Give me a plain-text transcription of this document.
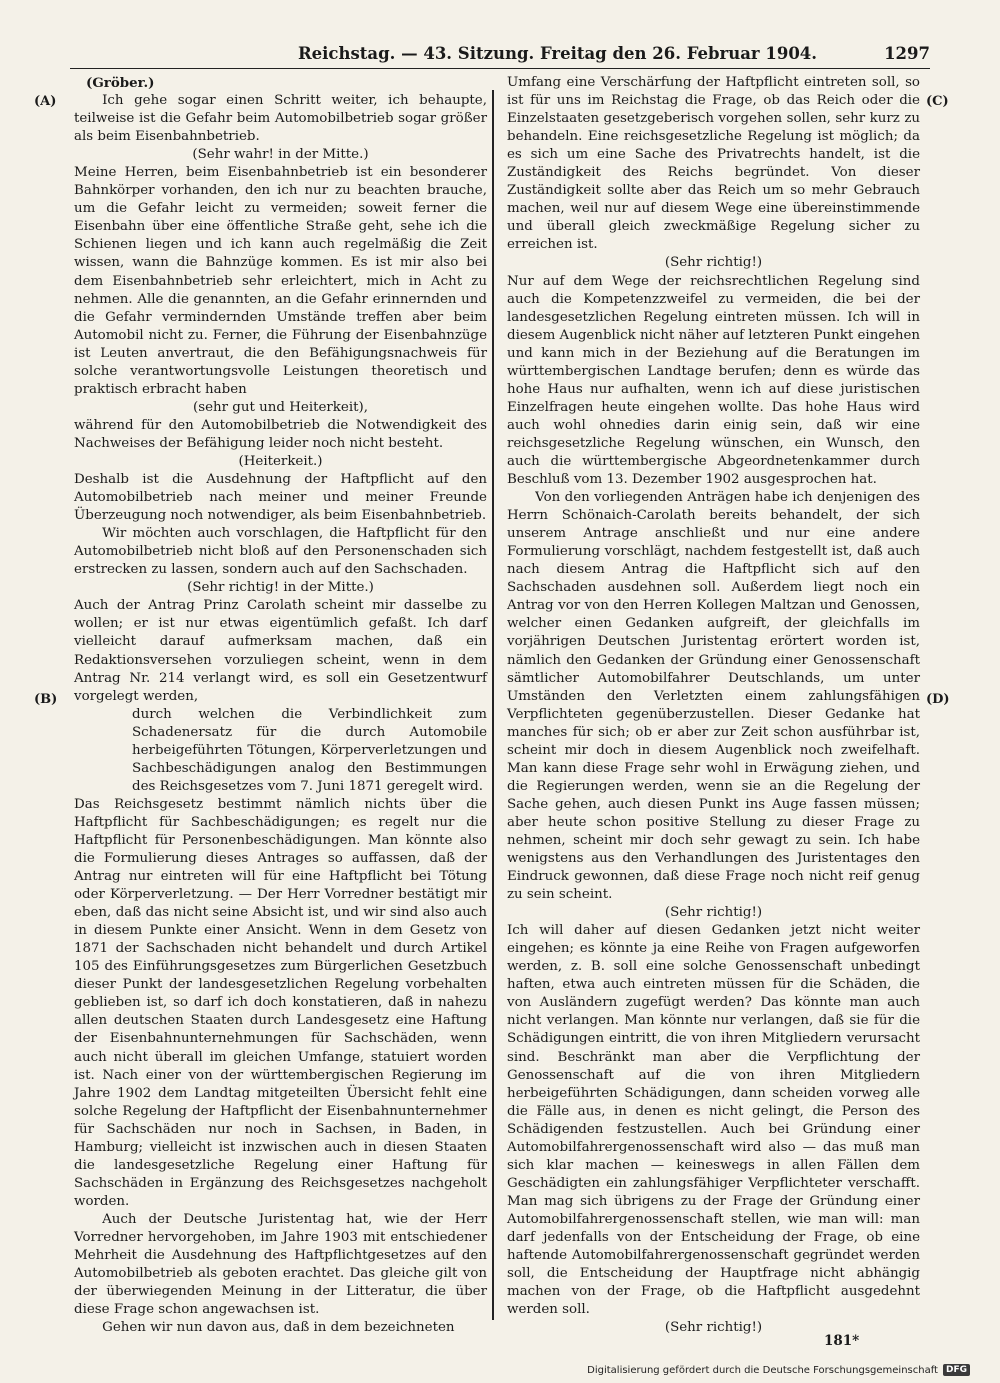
Reichstag. — 43. Sitzung. Freitag den 26. Februar 1904.	1297
(A)
(B)
(C)
(D)

(Gröber.)

Ich gehe sogar einen Schritt weiter, ich behaupte, teilweise ist die Gefahr beim Automobilbetrieb sogar größer als beim Eisenbahnbetrieb.

(Sehr wahr! in der Mitte.)

Meine Herren, beim Eisenbahnbetrieb ist ein besonderer Bahnkörper vorhanden, den ich nur zu beachten brauche, um die Gefahr leicht zu vermeiden; soweit ferner die Eisenbahn über eine öffentliche Straße geht, sehe ich die Schienen liegen und ich kann auch regelmäßig die Zeit wissen, wann die Bahnzüge kommen. Es ist mir also bei dem Eisenbahnbetrieb sehr erleichtert, mich in Acht zu nehmen. Alle die genannten, an die Gefahr erinnernden und die Gefahr vermindernden Umstände treffen aber beim Automobil nicht zu. Ferner, die Führung der Eisenbahnzüge ist Leuten anvertraut, die den Befähigungsnachweis für solche verantwortungsvolle Leistungen theoretisch und praktisch erbracht haben

(sehr gut und Heiterkeit),

während für den Automobilbetrieb die Notwendigkeit des Nachweises der Befähigung leider noch nicht besteht.

(Heiterkeit.)

Deshalb ist die Ausdehnung der Haftpflicht auf den Automobilbetrieb nach meiner und meiner Freunde Überzeugung noch notwendiger, als beim Eisenbahnbetrieb.

Wir möchten auch vorschlagen, die Haftpflicht für den Automobilbetrieb nicht bloß auf den Personenschaden sich erstrecken zu lassen, sondern auch auf den Sachschaden.

(Sehr richtig! in der Mitte.)

Auch der Antrag Prinz Carolath scheint mir dasselbe zu wollen; er ist nur etwas eigentümlich gefaßt. Ich darf vielleicht darauf aufmerksam machen, daß ein Redaktionsversehen vorzuliegen scheint, wenn in dem Antrag Nr. 214 verlangt wird, es soll ein Gesetzentwurf vorgelegt werden,

durch welchen die Verbindlichkeit zum Schadenersatz für die durch Automobile herbeigeführten Tötungen, Körperverletzungen und Sachbeschädigungen analog den Bestimmungen des Reichsgesetzes vom 7. Juni 1871 geregelt wird.

Das Reichsgesetz bestimmt nämlich nichts über die Haftpflicht für Sachbeschädigungen; es regelt nur die Haftpflicht für Personenbeschädigungen. Man könnte also die Formulierung dieses Antrages so auffassen, daß der Antrag nur eintreten will für eine Haftpflicht bei Tötung oder Körperverletzung. — Der Herr Vorredner bestätigt mir eben, daß das nicht seine Absicht ist, und wir sind also auch in diesem Punkte einer Ansicht. Wenn in dem Gesetz von 1871 der Sachschaden nicht behandelt und durch Artikel 105 des Einführungsgesetzes zum Bürgerlichen Gesetzbuch dieser Punkt der landesgesetzlichen Regelung vorbehalten geblieben ist, so darf ich doch konstatieren, daß in nahezu allen deutschen Staaten durch Landesgesetz eine Haftung der Eisenbahnunternehmungen für Sachschäden, wenn auch nicht überall im gleichen Umfange, statuiert worden ist. Nach einer von der württembergischen Regierung im Jahre 1902 dem Landtag mitgeteilten Übersicht fehlt eine solche Regelung der Haftpflicht der Eisenbahnunternehmer für Sachschäden nur noch in Sachsen, in Baden, in Hamburg; vielleicht ist inzwischen auch in diesen Staaten die landesgesetzliche Regelung einer Haftung für Sachschäden in Ergänzung des Reichsgesetzes nachgeholt worden.

Auch der Deutsche Juristentag hat, wie der Herr Vorredner hervorgehoben, im Jahre 1903 mit entschiedener Mehrheit die Ausdehnung des Haftpflichtgesetzes auf den Automobilbetrieb als geboten erachtet. Das gleiche gilt von der überwiegenden Meinung in der Litteratur, die über diese Frage schon angewachsen ist.

Gehen wir nun davon aus, daß in dem bezeichneten

Umfang eine Verschärfung der Haftpflicht eintreten soll, so ist für uns im Reichstag die Frage, ob das Reich oder die Einzelstaaten gesetzgeberisch vorgehen sollen, sehr kurz zu behandeln. Eine reichsgesetzliche Regelung ist möglich; da es sich um eine Sache des Privatrechts handelt, ist die Zuständigkeit des Reichs begründet. Von dieser Zuständigkeit sollte aber das Reich um so mehr Gebrauch machen, weil nur auf diesem Wege eine übereinstimmende und überall gleich zweckmäßige Regelung sicher zu erreichen ist.

(Sehr richtig!)

Nur auf dem Wege der reichsrechtlichen Regelung sind auch die Kompetenzzweifel zu vermeiden, die bei der landesgesetzlichen Regelung eintreten müssen. Ich will in diesem Augenblick nicht näher auf letzteren Punkt eingehen und kann mich in der Beziehung auf die Beratungen im württembergischen Landtage berufen; denn es würde das hohe Haus nur aufhalten, wenn ich auf diese juristischen Einzelfragen heute eingehen wollte. Das hohe Haus wird auch wohl ohnedies darin einig sein, daß wir eine reichsgesetzliche Regelung wünschen, ein Wunsch, den auch die württembergische Abgeordnetenkammer durch Beschluß vom 13. Dezember 1902 ausgesprochen hat.

Von den vorliegenden Anträgen habe ich denjenigen des Herrn Schönaich-Carolath bereits behandelt, der sich unserem Antrage anschließt und nur eine andere Formulierung vorschlägt, nachdem festgestellt ist, daß auch nach diesem Antrag die Haftpflicht sich auf den Sachschaden ausdehnen soll. Außerdem liegt noch ein Antrag vor von den Herren Kollegen Maltzan und Genossen, welcher einen Gedanken aufgreift, der gleichfalls im vorjährigen Deutschen Juristentag erörtert worden ist, nämlich den Gedanken der Gründung einer Genossenschaft sämtlicher Automobilfahrer Deutschlands, um unter Umständen den Verletzten einem zahlungsfähigen Verpflichteten gegenüberzustellen. Dieser Gedanke hat manches für sich; ob er aber zur Zeit schon ausführbar ist, scheint mir doch in diesem Augenblick noch zweifelhaft. Man kann diese Frage sehr wohl in Erwägung ziehen, und die Regierungen werden, wenn sie an die Regelung der Sache gehen, auch diesen Punkt ins Auge fassen müssen; aber heute schon positive Stellung zu dieser Frage zu nehmen, scheint mir doch sehr gewagt zu sein. Ich habe wenigstens aus den Verhandlungen des Juristentages den Eindruck gewonnen, daß diese Frage noch nicht reif genug zu sein scheint.

(Sehr richtig!)

Ich will daher auf diesen Gedanken jetzt nicht weiter eingehen; es könnte ja eine Reihe von Fragen aufgeworfen werden, z. B. soll eine solche Genossenschaft unbedingt haften, etwa auch eintreten müssen für die Schäden, die von Ausländern zugefügt werden? Das könnte man auch nicht verlangen. Man könnte nur verlangen, daß sie für die Schädigungen eintritt, die von ihren Mitgliedern verursacht sind. Beschränkt man aber die Verpflichtung der Genossenschaft auf die von ihren Mitgliedern herbeigeführten Schädigungen, dann scheiden vorweg alle die Fälle aus, in denen es nicht gelingt, die Person des Schädigenden festzustellen. Auch bei Gründung einer Automobilfahrergenossenschaft wird also — das muß man sich klar machen — keineswegs in allen Fällen dem Geschädigten ein zahlungsfähiger Verpflichteter verschafft. Man mag sich übrigens zu der Frage der Gründung einer Automobilfahrergenossenschaft stellen, wie man will: man darf jedenfalls von der Entscheidung der Frage, ob eine haftende Automobilfahrergenossenschaft gegründet werden soll, die Entscheidung der Hauptfrage nicht abhängig machen von der Frage, ob die Haftpflicht ausgedehnt werden soll.

(Sehr richtig!)

181*
Digitalisierung gefördert durch die Deutsche Forschungsgemeinschaft DFG
